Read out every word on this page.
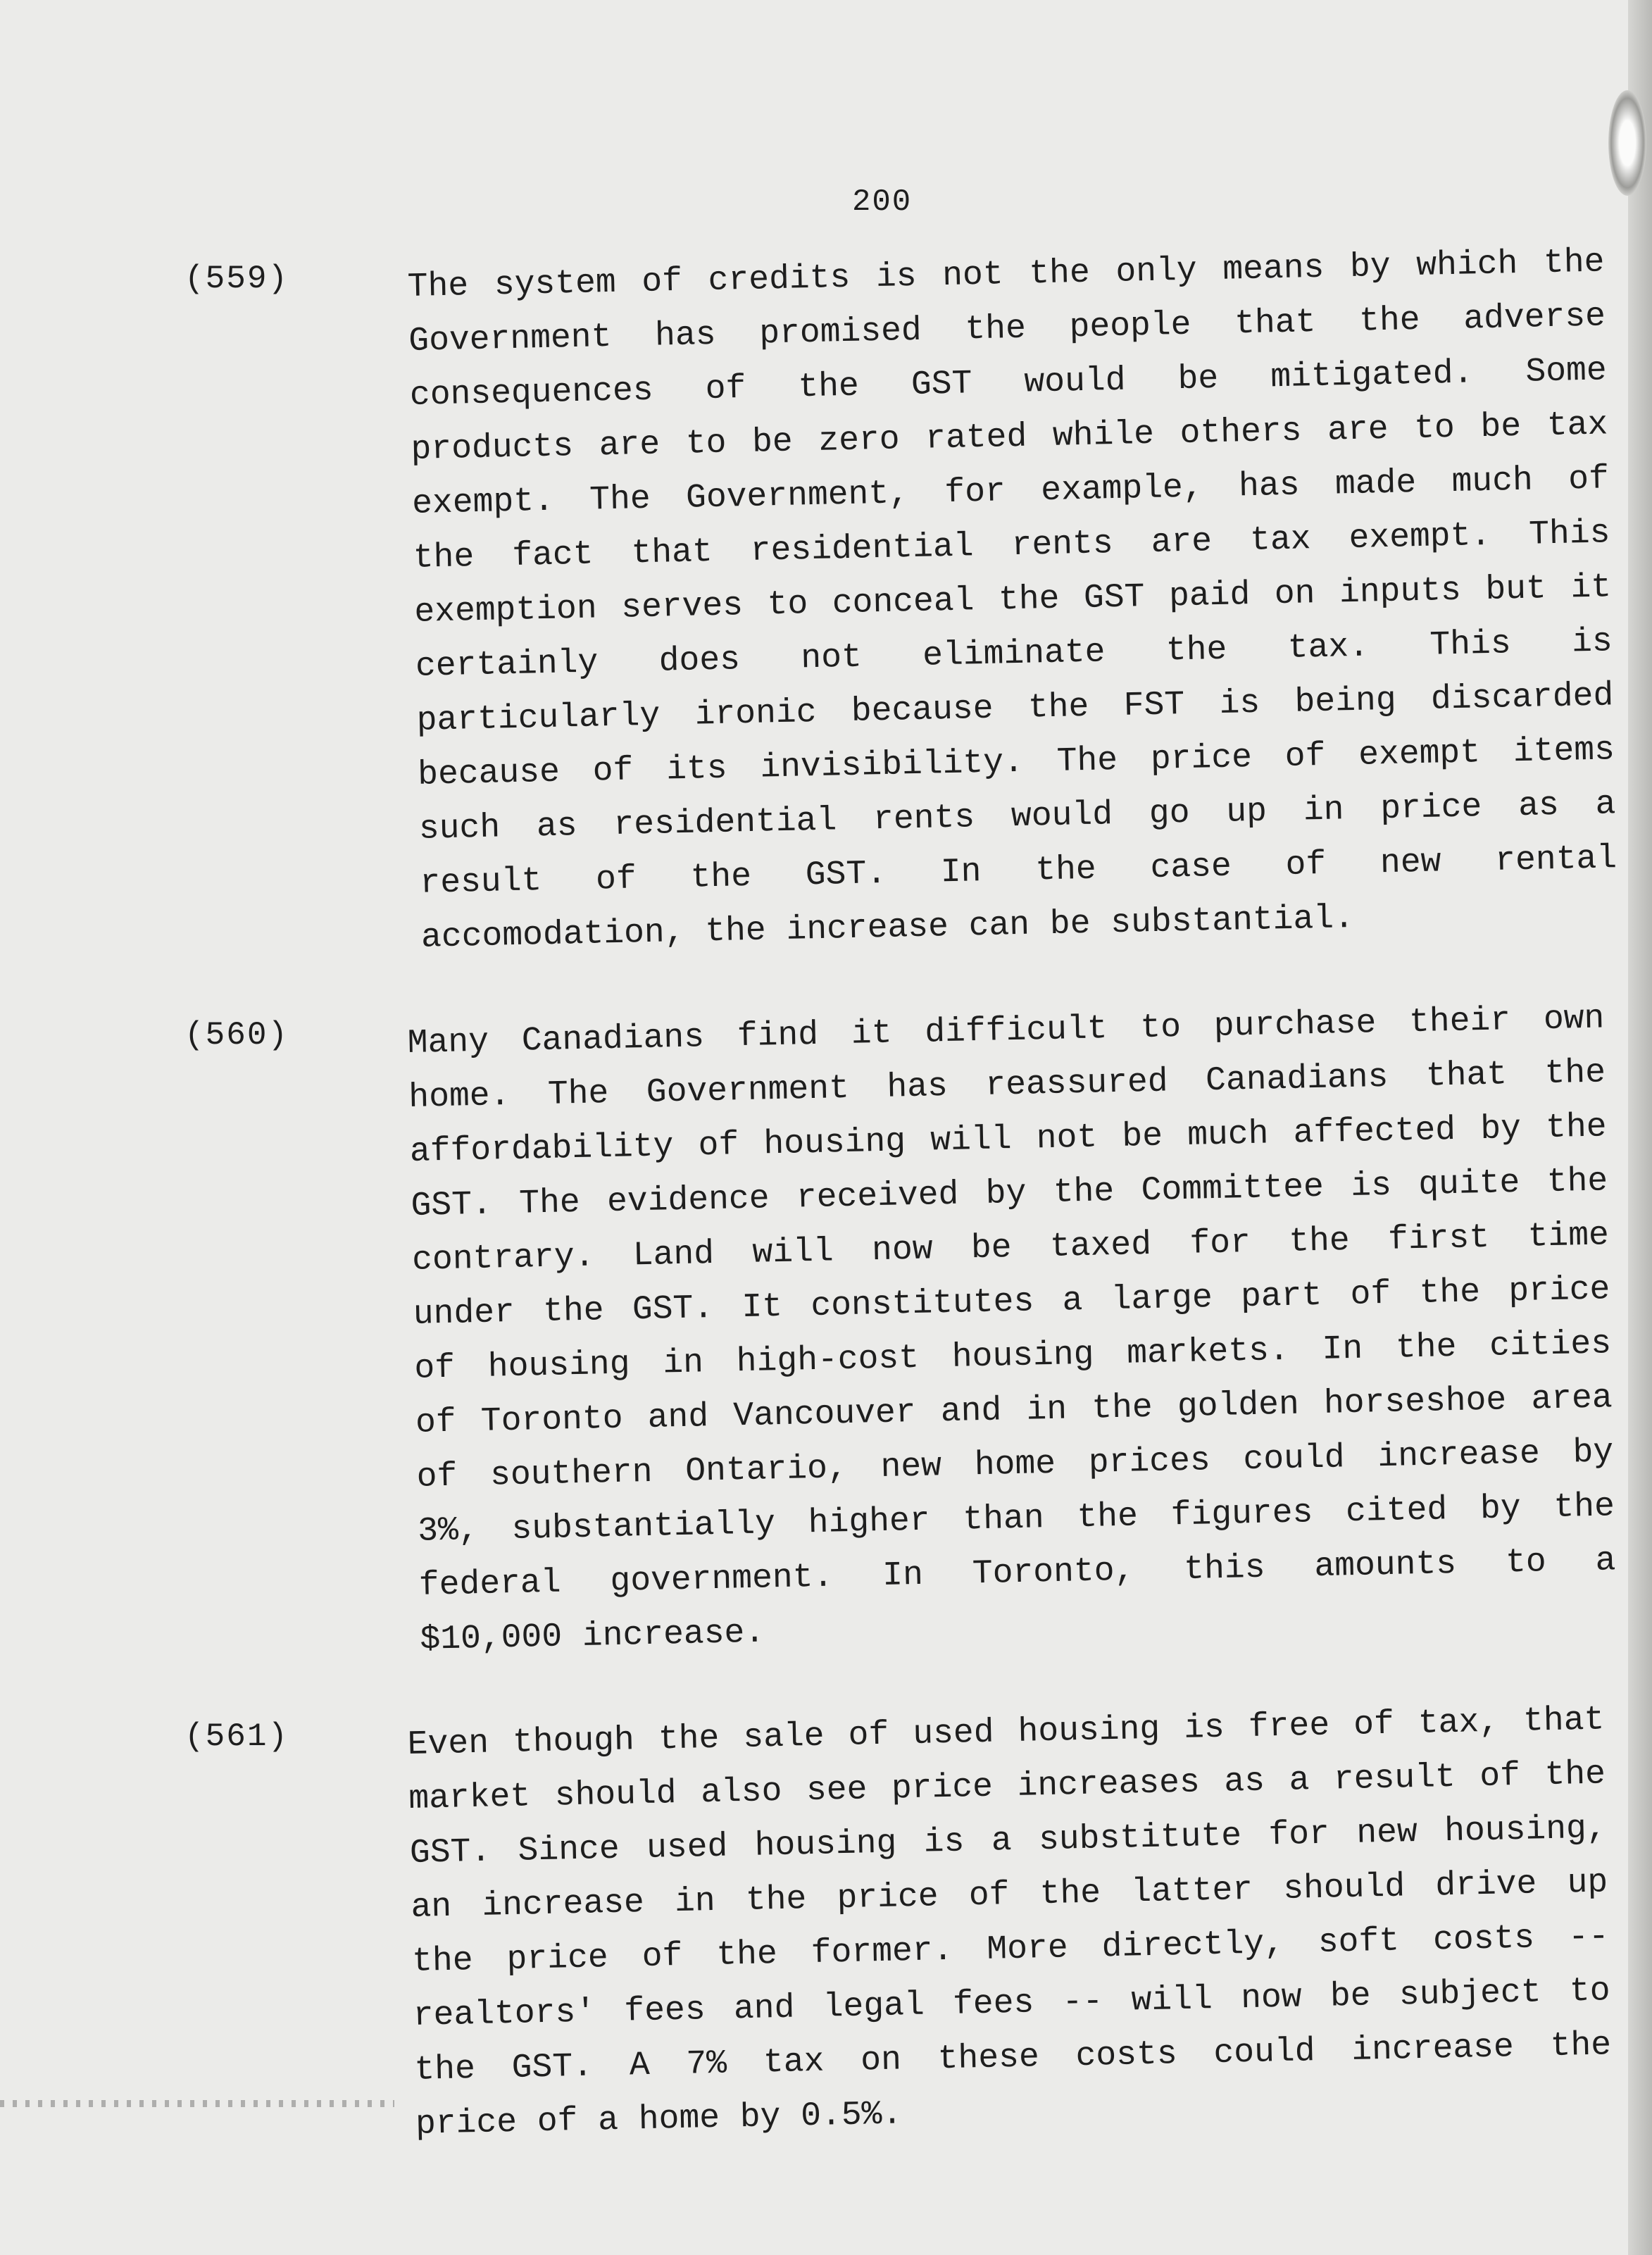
200
(559)	The system of credits is not the only means by which the
Government has promised the people that the adverse
consequences of the GST would be mitigated. Some
products are to be zero rated while others are to be tax
exempt. The Government, for example, has made much of
the fact that residential rents are tax exempt. This
exemption serves to conceal the GST paid on inputs but it
certainly does not eliminate the tax. This is
particularly ironic because the FST is being discarded
because of its invisibility. The price of exempt items
such as residential rents would go up in price as a
result of the GST. In the case of new rental
accomodation, the increase can be substantial.
(560)	Many Canadians find it difficult to purchase their own
home. The Government has reassured Canadians that the
affordability of housing will not be much affected by the
GST. The evidence received by the Committee is quite the
contrary. Land will now be taxed for the first time
under the GST. It constitutes a large part of the price
of housing in high-cost housing markets. In the cities
of Toronto and Vancouver and in the golden horseshoe area
of southern Ontario, new home prices could increase by
3%, substantially higher than the figures cited by the
federal government. In Toronto, this amounts to a
$10,000 increase.
(561)	Even though the sale of used housing is free of tax, that
market should also see price increases as a result of the
GST. Since used housing is a substitute for new housing,
an increase in the price of the latter should drive up
the price of the former. More directly, soft costs --
realtors' fees and legal fees -- will now be subject to
the GST. A 7% tax on these costs could increase the
price of a home by 0.5%.
